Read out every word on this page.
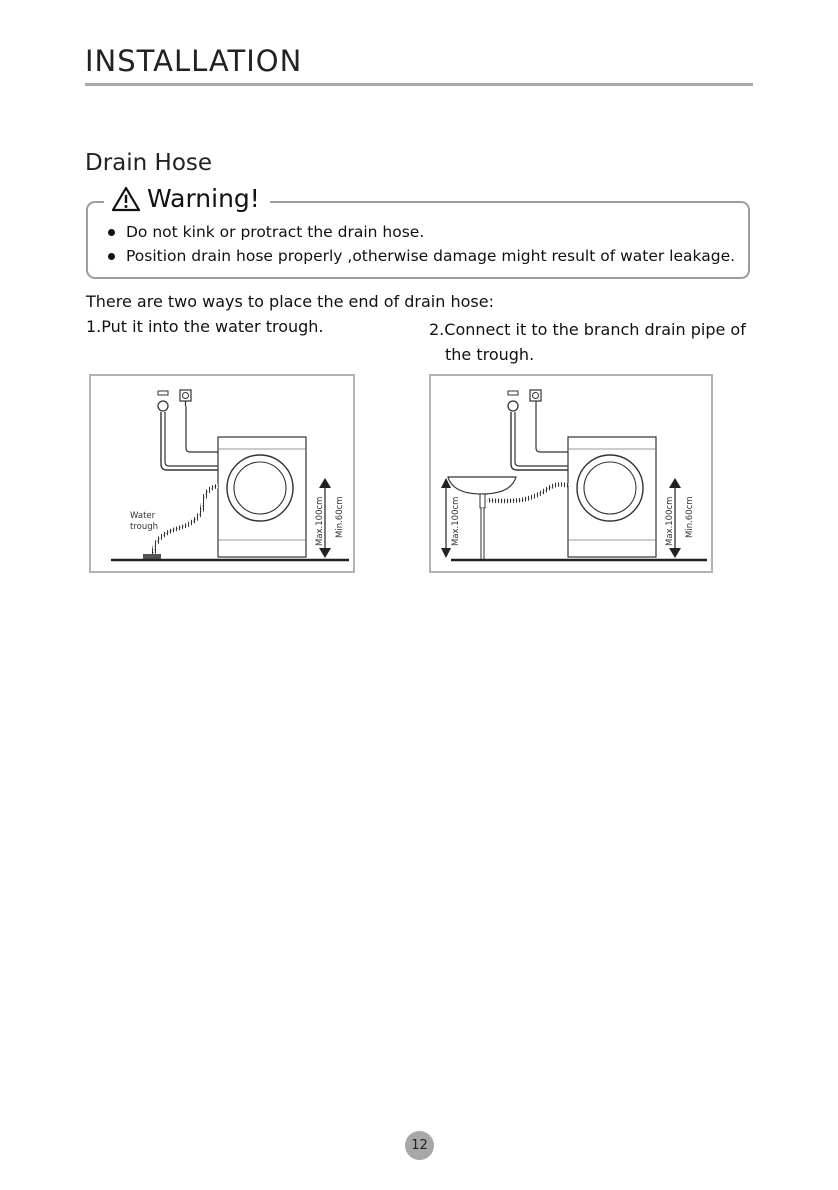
INSTALLATION
Drain Hose
Warning!
Do not kink or protract the drain hose.
Position drain hose properly ,otherwise damage might result of water leakage.
There are two ways to place the end of drain hose:
1.Put it into the water trough.	2.Connect it to the branch drain pipe of
the trough.
Water
trough	Max.100cm Min.60cm	Max.100cm	Max.100cm Min.60cm
12
